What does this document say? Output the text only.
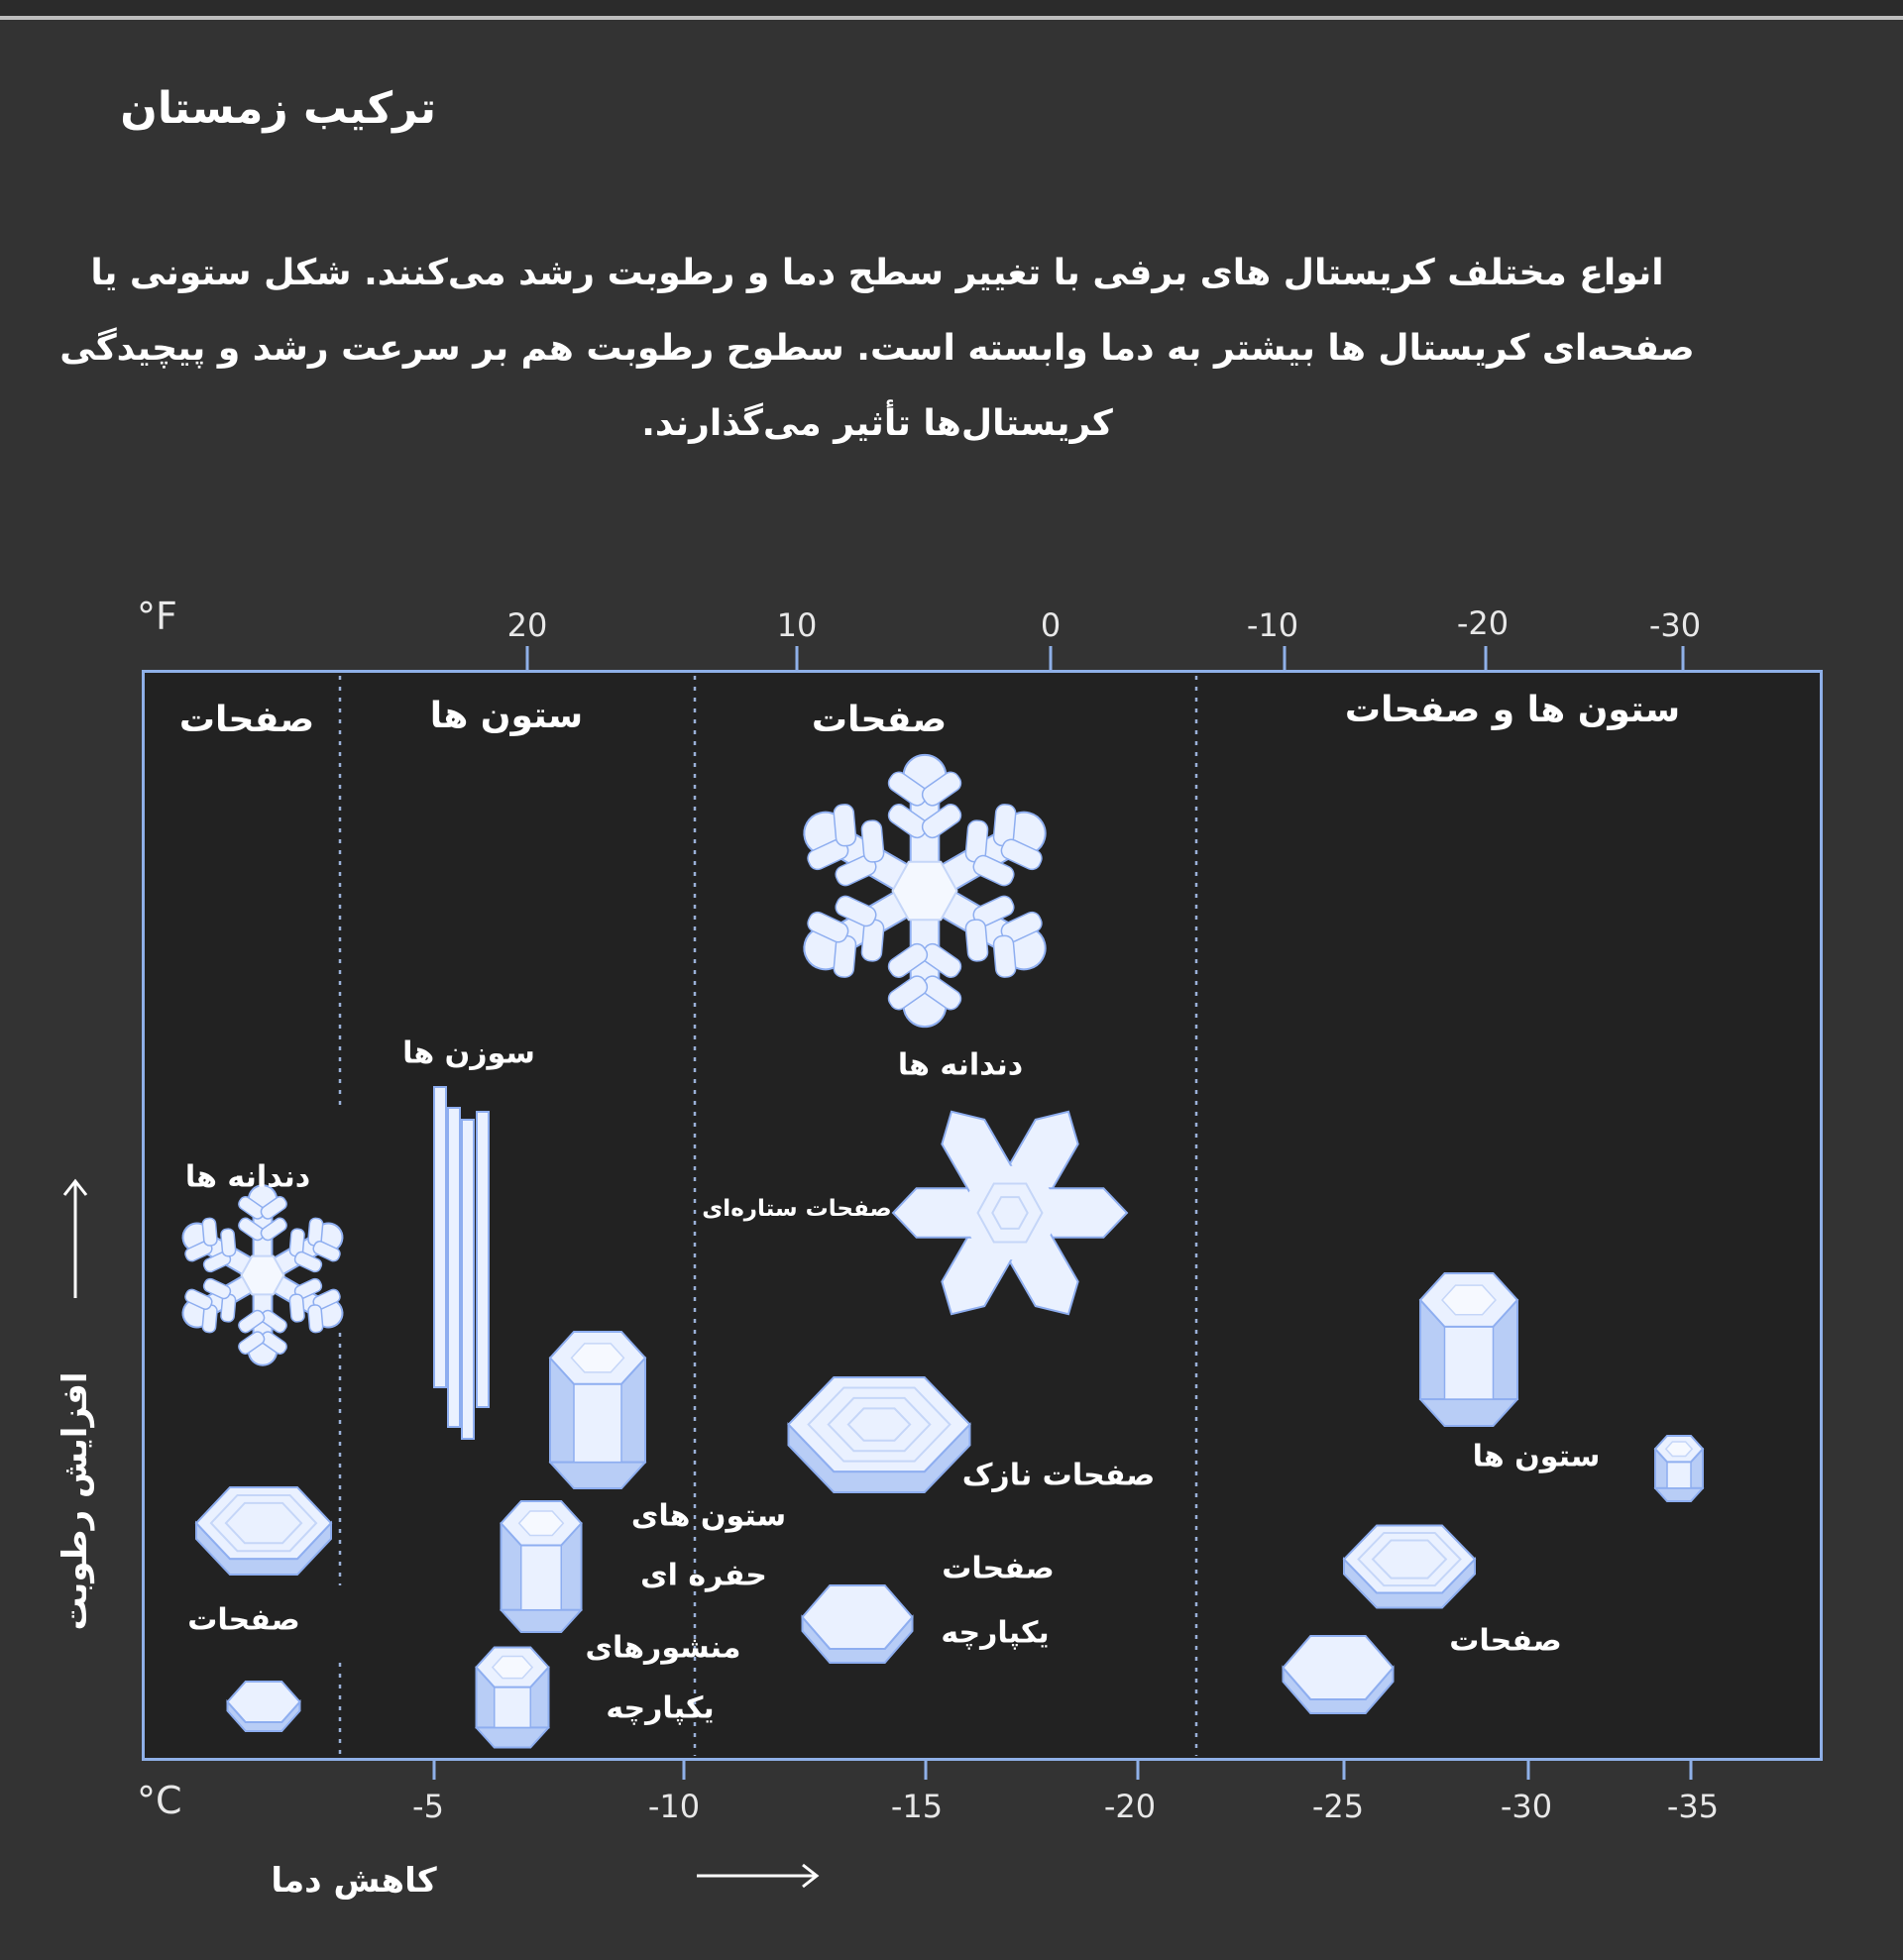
ترکیب زمستان
انواع مختلف کریستال های برفی با تغییر سطح دما و رطوبت رشد می‌کنند. شکل ستونی یا صفحه‌ای کریستال ها بیشتر به دما وابسته است. سطوح رطوبت هم بر سرعت رشد و پیچیدگی کریستال‌ها تأثیر می‌گذارند.
°F	20	10	0	-10	-20	-30
°C	-5	-10	-15	-20	-25	-30	-35
کاهش دما
افزایش رطوبت
صفحات	ستون ها	صفحات	ستون ها و صفحات
دندانه ها
صفحات ستاره‌ای
دندانه ها
سوزن ها
ستون های
حفره ای
منشورهای
یکپارچه
صفحات
صفحات نازک
صفحات
یکپارچه
ستون ها
صفحات
